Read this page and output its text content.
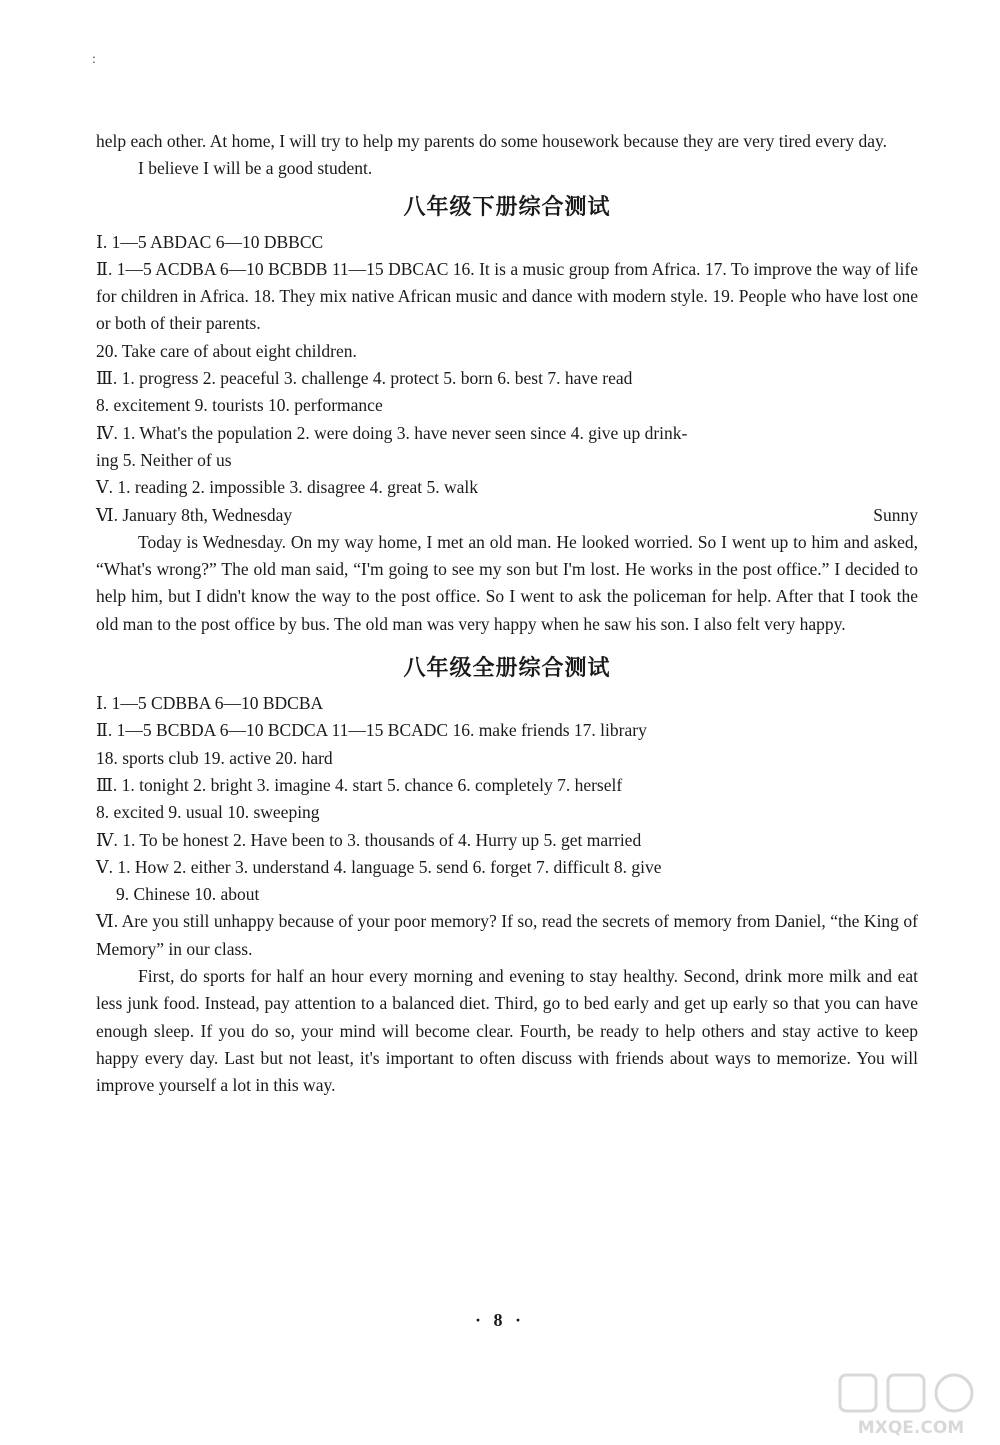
:

help each other. At home, I will try to help my parents do some housework because they are very tired every day.

I believe I will be a good student.

八年级下册综合测试

Ⅰ. 1—5 ABDAC 6—10 DBBCC

Ⅱ. 1—5 ACDBA 6—10 BCBDB 11—15 DBCAC 16. It is a music group from Africa. 17. To improve the way of life for children in Africa. 18. They mix native African music and dance with modern style. 19. People who have lost one or both of their parents.

20. Take care of about eight children.

Ⅲ. 1. progress 2. peaceful 3. challenge 4. protect 5. born 6. best 7. have read

8. excitement 9. tourists 10. performance

Ⅳ. 1. What's the population 2. were doing 3. have never seen since 4. give up drink-

ing 5. Neither of us

Ⅴ. 1. reading 2. impossible 3. disagree 4. great 5. walk

Ⅵ. January 8th, Wednesday	Sunny

Today is Wednesday. On my way home, I met an old man. He looked worried. So I went up to him and asked, “What's wrong?” The old man said, “I'm going to see my son but I'm lost. He works in the post office.” I decided to help him, but I didn't know the way to the post office. So I went to ask the policeman for help. After that I took the old man to the post office by bus. The old man was very happy when he saw his son. I also felt very happy.

八年级全册综合测试

Ⅰ. 1—5 CDBBA 6—10 BDCBA

Ⅱ. 1—5 BCBDA 6—10 BCDCA 11—15 BCADC 16. make friends 17. library

18. sports club 19. active 20. hard

Ⅲ. 1. tonight 2. bright 3. imagine 4. start 5. chance 6. completely 7. herself

8. excited 9. usual 10. sweeping

Ⅳ. 1. To be honest 2. Have been to 3. thousands of 4. Hurry up 5. get married

Ⅴ. 1. How 2. either 3. understand 4. language 5. send 6. forget 7. difficult 8. give

9. Chinese 10. about

Ⅵ. Are you still unhappy because of your poor memory? If so, read the secrets of memory from Daniel, “the King of Memory” in our class.

First, do sports for half an hour every morning and evening to stay healthy. Second, drink more milk and eat less junk food. Instead, pay attention to a balanced diet. Third, go to bed early and get up early so that you can have enough sleep. If you do so, your mind will become clear. Fourth, be ready to help others and stay active to keep happy every day. Last but not least, it's important to often discuss with friends about ways to memorize. You will improve yourself a lot in this way.

· 8 ·
MXQE.COM
